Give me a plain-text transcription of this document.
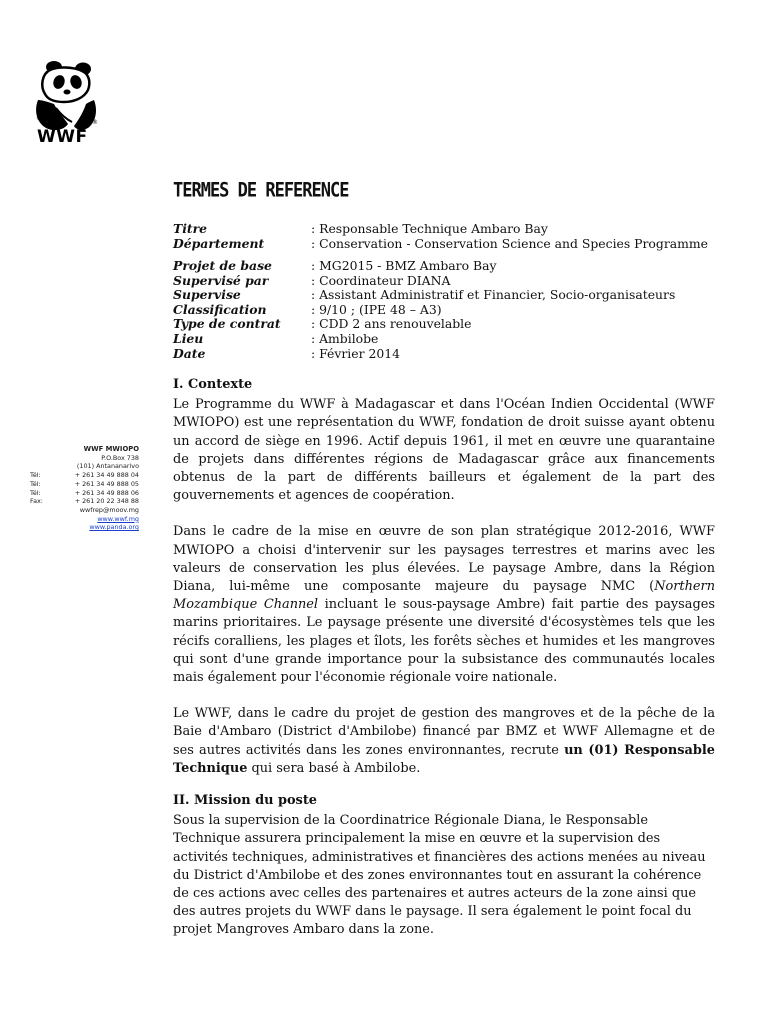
©
®
WWF
TERMES DE REFERENCE
Titre	: Responsable Technique Ambaro Bay
Département	: Conservation - Conservation Science and Species Programme
Projet de base	: MG2015 - BMZ Ambaro Bay
Supervisé par	: Coordinateur DIANA
Supervise	: Assistant Administratif et Financier, Socio-organisateurs
Classification	: 9/10 ; (IPE 48 – A3)
Type de contrat	: CDD 2 ans renouvelable
Lieu	: Ambilobe
Date	: Février 2014
WWF MWIOPO
P.O.Box 738
(101) Antananarivo
Tél:	+ 261 34 49 888 04
Tél:	+ 261 34 49 888 05
Tél:	+ 261 34 49 888 06
Fax:	+ 261 20 22 348 88
wwfrep@moov.mg
www.wwf.mg
www.panda.org
I. Contexte

Le Programme du WWF à Madagascar et dans l'Océan Indien Occidental (WWF MWIOPO) est une représentation du WWF, fondation de droit suisse ayant obtenu un accord de siège en 1996. Actif depuis 1961, il met en œuvre une quarantaine de projets dans différentes régions de Madagascar grâce aux financements obtenus de la part de différents bailleurs et également de la part des gouvernements et agences de coopération.

Dans le cadre de la mise en œuvre de son plan stratégique 2012-2016, WWF MWIOPO a choisi d'intervenir sur les paysages terrestres et marins avec les valeurs de conservation les plus élevées. Le paysage Ambre, dans la Région Diana, lui-même une composante majeure du paysage NMC (Northern Mozambique Channel incluant le sous-paysage Ambre) fait partie des paysages marins prioritaires. Le paysage présente une diversité d'écosystèmes tels que les récifs coralliens, les plages et îlots, les forêts sèches et humides et les mangroves qui sont d'une grande importance pour la subsistance des communautés locales mais également pour l'économie régionale voire nationale.

Le WWF, dans le cadre du projet de gestion des mangroves et de la pêche de la Baie d'Ambaro (District d'Ambilobe) financé par BMZ et WWF Allemagne et de ses autres activités dans les zones environnantes, recrute un (01) Responsable Technique qui sera basé à Ambilobe.

II. Mission du poste

Sous la supervision de la Coordinatrice Régionale Diana, le Responsable Technique assurera principalement la mise en œuvre et la supervision des activités techniques, administratives et financières des actions menées au niveau du District d'Ambilobe et des zones environnantes tout en assurant la cohérence de ces actions avec celles des partenaires et autres acteurs de la zone ainsi que des autres projets du WWF dans le paysage. Il sera également le point focal du projet Mangroves Ambaro dans la zone.
